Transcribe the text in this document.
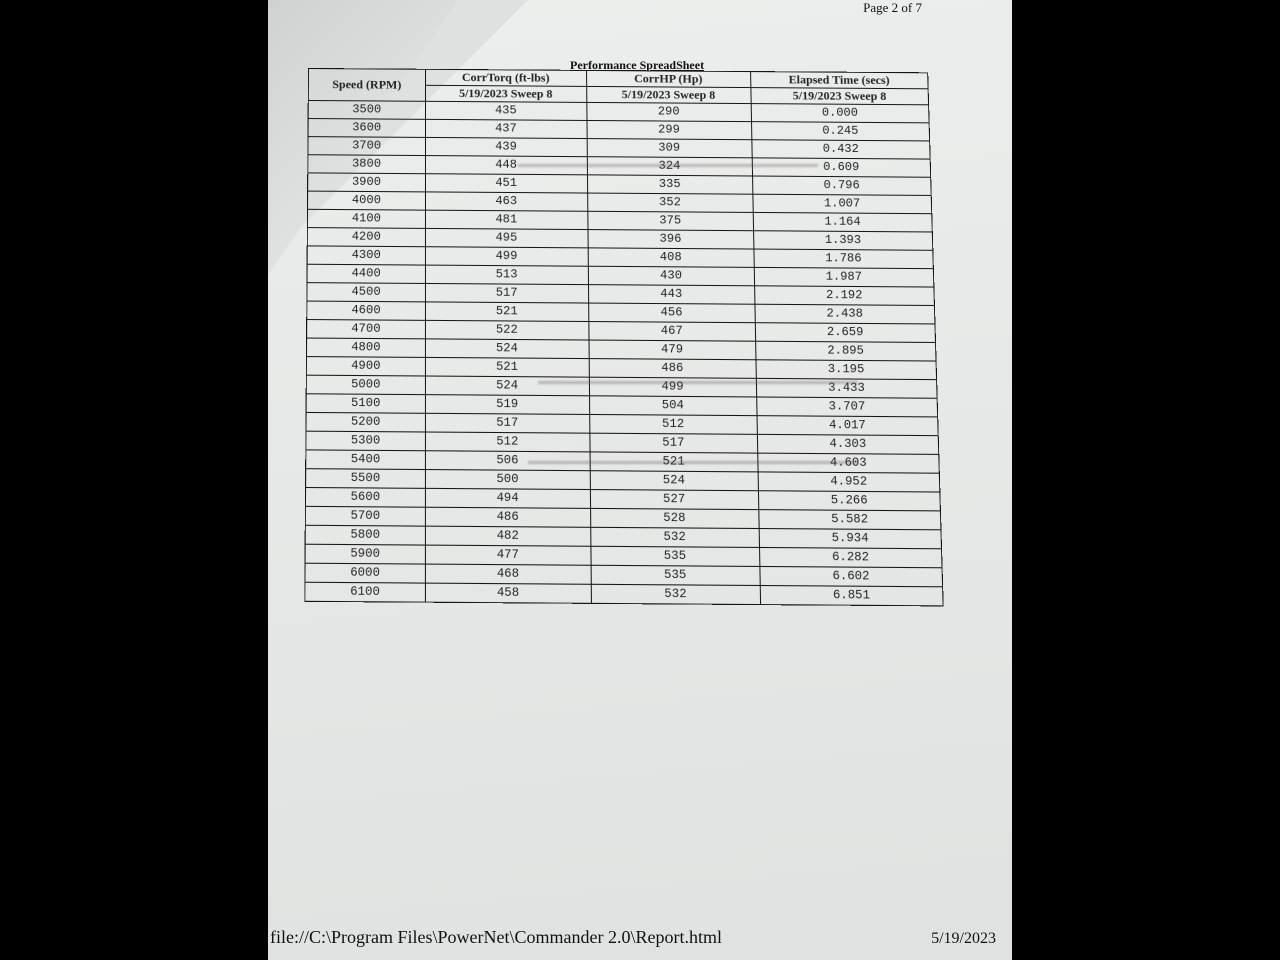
Page 2 of 7
Performance SpreadSheet
Speed (RPM)	CorrTorq (ft-lbs)	CorrHP (Hp)	Elapsed Time (secs)
	5/19/2023 Sweep 8	5/19/2023 Sweep 8	5/19/2023 Sweep 8
3500	435	290	0.000
3600	437	299	0.245
3700	439	309	0.432
3800	448	324	0.609
3900	451	335	0.796
4000	463	352	1.007
4100	481	375	1.164
4200	495	396	1.393
4300	499	408	1.786
4400	513	430	1.987
4500	517	443	2.192
4600	521	456	2.438
4700	522	467	2.659
4800	524	479	2.895
4900	521	486	3.195
5000	524	499	3.433
5100	519	504	3.707
5200	517	512	4.017
5300	512	517	4.303
5400	506	521	4.603
5500	500	524	4.952
5600	494	527	5.266
5700	486	528	5.582
5800	482	532	5.934
5900	477	535	6.282
6000	468	535	6.602
6100	458	532	6.851
file://C:\Program Files\PowerNet\Commander 2.0\Report.html	5/19/2023
